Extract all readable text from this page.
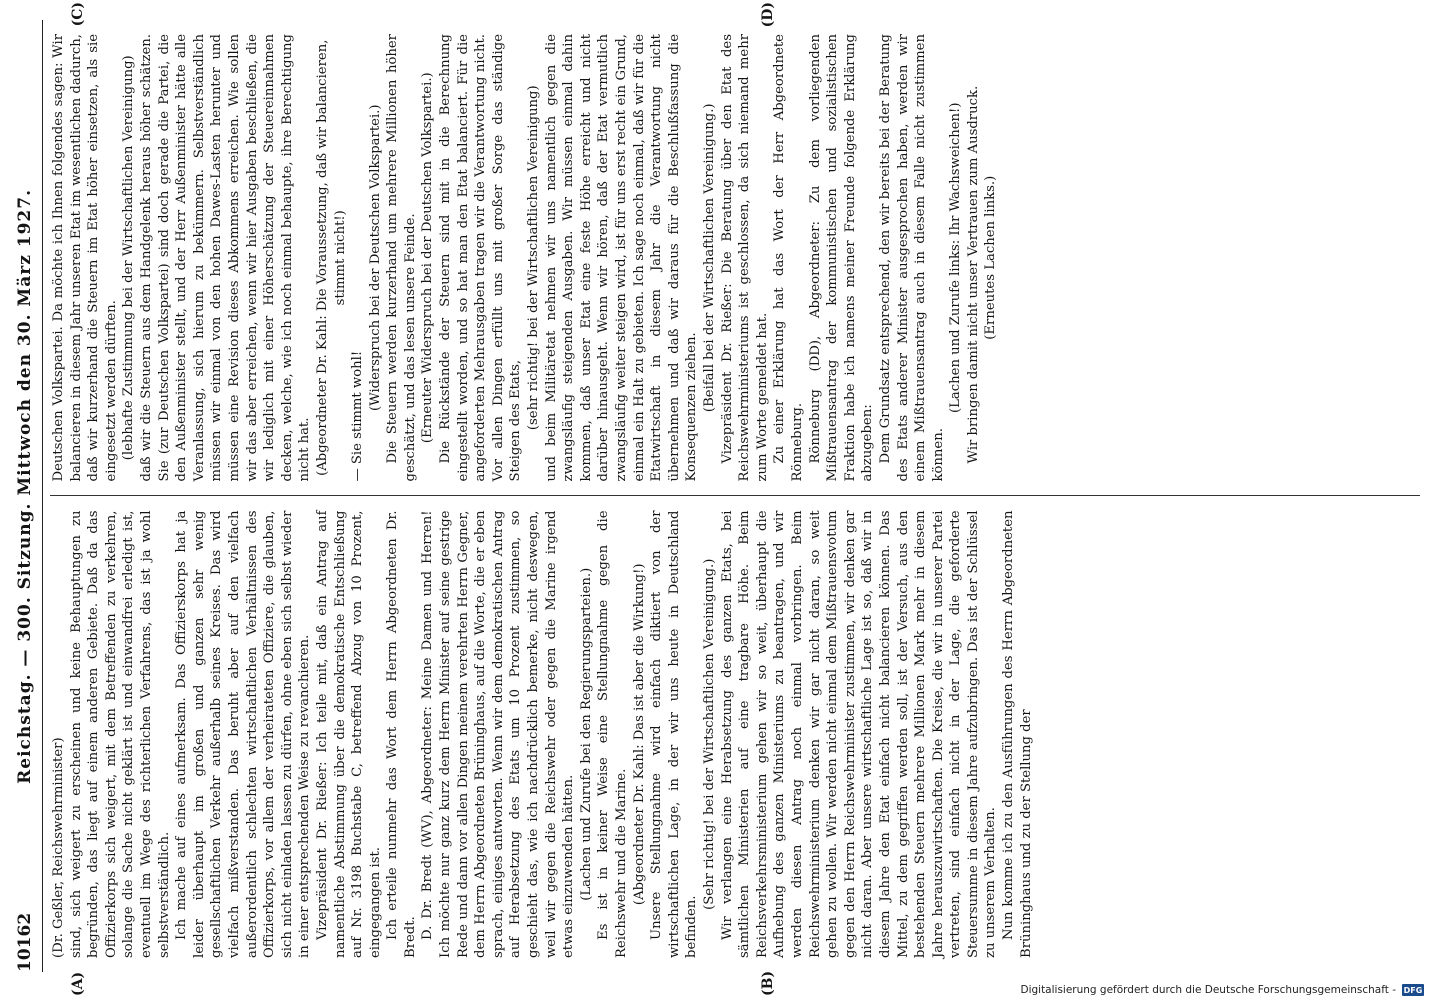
10162
Reichstag. — 300. Sitzung. Mittwoch den 30. März 1927.
(A)	(B)
(C)	(D)

(Dr. Geßler, Reichswehrminister) sind, sich weigert zu erscheinen und keine Behauptungen zu begründen, das liegt auf einem anderen Gebiete. Daß da das Offizierkorps sich weigert, mit dem Betreffenden zu verkehren, solange die Sache nicht geklärt ist und einwandfrei erledigt ist, eventuell im Wege des richterlichen Verfahrens, das ist ja wohl selbstverständlich. Ich mache auf eines aufmerksam. Das Offizierskorps hat ja leider überhaupt im großen und ganzen sehr wenig gesellschaftlichen Verkehr außerhalb seines Kreises. Das wird vielfach mißverstanden. Das beruht aber auf den vielfach außerordentlich schlechten wirtschaftlichen Verhältnissen des Offizierkorps, vor allem der verheirateten Offiziere, die glauben, sich nicht einladen lassen zu dürfen, ohne eben sich selbst wieder in einer entsprechenden Weise zu revanchieren. Vizepräsident Dr. Rießer: Ich teile mit, daß ein Antrag auf namentliche Abstimmung über die demokratische Entschließung auf Nr. 3198 Buchstabe C, betreffend Abzug von 10 Prozent, eingegangen ist. Ich erteile nunmehr das Wort dem Herrn Abgeordneten Dr. Bredt. D. Dr. Bredt (WV), Abgeordneter: Meine Damen und Herren! Ich möchte nur ganz kurz dem Herrn Minister auf seine gestrige Rede und dann vor allen Dingen meinem verehrten Herrn Gegner, dem Herrn Abgeordneten Brüninghaus, auf die Worte, die er eben sprach, einiges antworten. Wenn wir dem demokratischen Antrag auf Herabsetzung des Etats um 10 Prozent zustimmen, so geschieht das, wie ich nachdrücklich bemerke, nicht deswegen, weil wir gegen die Reichswehr oder gegen die Marine irgend etwas einzuwenden hätten. (Lachen und Zurufe bei den Regierungsparteien.) Es ist in keiner Weise eine Stellungnahme gegen die Reichswehr und die Marine. (Abgeordneter Dr. Kahl: Das ist aber die Wirkung!) Unsere Stellungnahme wird einfach diktiert von der wirtschaftlichen Lage, in der wir uns heute in Deutschland befinden.

(Sehr richtig! bei der Wirtschaftlichen Vereinigung.) Wir verlangen eine Herabsetzung des ganzen Etats, bei sämtlichen Ministerien auf eine tragbare Höhe. Beim Reichsverkehrsministerium gehen wir so weit, überhaupt die Aufhebung des ganzen Ministeriums zu beantragen, und wir werden diesen Antrag noch einmal vorbringen. Beim Reichswehrministerium denken wir gar nicht daran, so weit gehen zu wollen. Wir werden nicht einmal dem Mißtrauensvotum gegen den Herrn Reichswehrminister zustimmen, wir denken gar nicht daran. Aber unsere wirtschaftliche Lage ist so, daß wir in diesem Jahre den Etat einfach nicht balancieren können. Das Mittel, zu dem gegriffen werden soll, ist der Versuch, aus den bestehenden Steuern mehrere Millionen Mark mehr in diesem Jahre herauszuwirtschaften. Die Kreise, die wir in unserer Partei vertreten, sind einfach nicht in der Lage, die geforderte Steuersumme in diesem Jahre aufzubringen. Das ist der Schlüssel zu unserem Verhalten. Nun komme ich zu den Ausführungen des Herrn Abgeordneten Brüninghaus und zu der Stellung der

Deutschen Volkspartei. Da möchte ich Ihnen folgendes sagen: Wir balancieren in diesem Jahr unseren Etat im wesentlichen dadurch, daß wir kurzerhand die Steuern im Etat höher einsetzen, als sie eingesetzt werden dürften. (lebhafte Zustimmung bei der Wirtschaftlichen Vereinigung) daß wir die Steuern aus dem Handgelenk heraus höher schätzen. Sie (zur Deutschen Volkspartei) sind doch gerade die Partei, die den Außenminister stellt, und der Herr Außenminister hätte alle Veranlassung, sich hierum zu bekümmern. Selbstverständlich müssen wir einmal von den hohen Dawes-Lasten herunter und müssen eine Revision dieses Abkommens erreichen. Wie sollen wir das aber erreichen, wenn wir hier Ausgaben beschließen, die wir lediglich mit einer Höherschätzung der Steuereinnahmen decken, welche, wie ich noch einmal behaupte, ihre Berechtigung nicht hat. (Abgeordneter Dr. Kahl: Die Voraussetzung, daß wir balancieren, stimmt nicht!)

— Sie stimmt wohl!

(Widerspruch bei der Deutschen Volkspartei.) Die Steuern werden kurzerhand um mehrere Millionen höher geschätzt, und das lesen unsere Feinde. (Erneuter Widerspruch bei der Deutschen Volkspartei.) Die Rückstände der Steuern sind mit in die Berechnung eingestellt worden, und so hat man den Etat balanciert. Für die angeforderten Mehrausgaben tragen wir die Verantwortung nicht. Vor allen Dingen erfüllt uns mit großer Sorge das ständige Steigen des Etats, (sehr richtig! bei der Wirtschaftlichen Vereinigung) und beim Militäretat nehmen wir uns namentlich gegen die zwangsläufig steigenden Ausgaben. Wir müssen einmal dahin kommen, daß unser Etat eine feste Höhe erreicht und nicht darüber hinausgeht. Wenn wir hören, daß der Etat vermutlich zwangsläufig weiter steigen wird, ist für uns erst recht ein Grund, einmal ein Halt zu gebieten. Ich sage noch einmal, daß wir für die Etatwirtschaft in diesem Jahr die Verantwortung nicht übernehmen und daß wir daraus für die Beschlußfassung die Konsequenzen ziehen. (Beifall bei der Wirtschaftlichen Vereinigung.) Vizepräsident Dr. Rießer: Die Beratung über den Etat des Reichswehrministeriums ist geschlossen, da sich niemand mehr zum Worte gemeldet hat. Zu einer Erklärung hat das Wort der Herr Abgeordnete Rönneburg. Rönneburg (DD), Abgeordneter: Zu dem vorliegenden Mißtrauensantrag der kommunistischen und sozialistischen Fraktion habe ich namens meiner Freunde folgende Erklärung abzugeben: Dem Grundsatz entsprechend, den wir bereits bei der Beratung des Etats anderer Minister ausgesprochen haben, werden wir einem Mißtrauensantrag auch in diesem Falle nicht zustimmen können.

(Lachen und Zurufe links: Ihr Wachsweichen!) Wir bringen damit nicht unser Vertrauen zum Ausdruck. (Erneutes Lachen links.)

Digitalisierung gefördert durch die Deutsche Forschungsgemeinschaft - DFG
